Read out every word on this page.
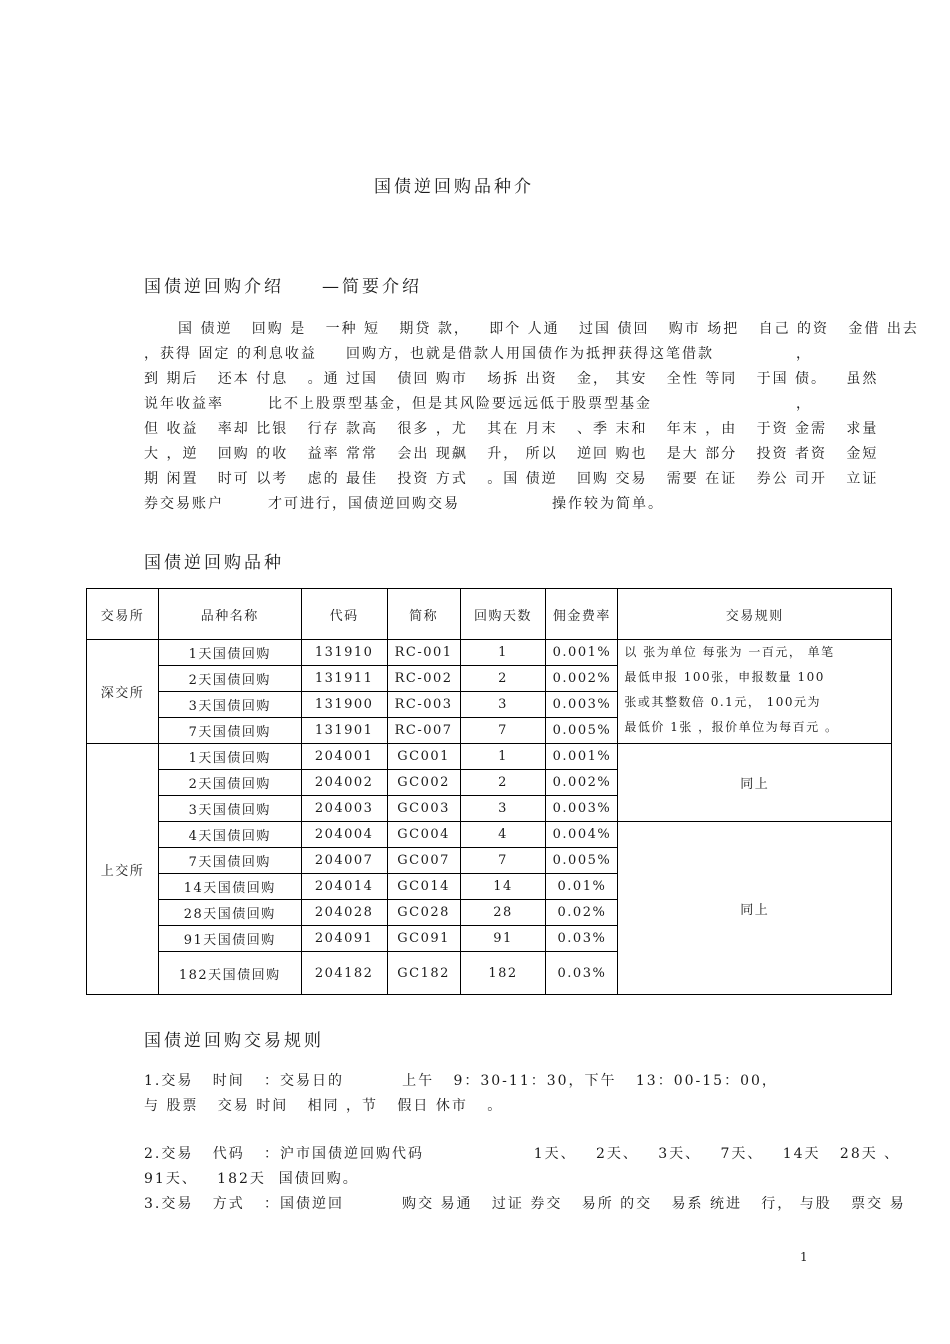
国债逆回购品种介
国债逆回购介绍 —简要介绍
国 债逆   回购 是   一种 短   期贷 款，   即个 人通   过国 债回   购市 场把   自己 的资   金借 出去
，获得 固定 的利息收益 回购方，也就是借款人用国债作为抵押获得这笔借款	，
到 期后   还本 付息   。通 过国   债回 购市   场拆 出资   金， 其安   全性 等同   于国 债。   虽然
说年收益率	比不上股票型基金，但是其风险要远远低于股票型基金	，
但 收益   率却 比银   行存 款高   很多 ，尤   其在 月末   、季 末和   年末 ，由   于资 金需   求量
大 ，逆   回购 的收   益率 常常   会出 现飙   升， 所以   逆回 购也   是大 部分   投资 者资   金短
期 闲置   时可 以考   虑的 最佳   投资 方式   。国 债逆   回购 交易   需要 在证   券公 司开   立证
券交易账户	才可进行，国债逆回购交易	操作较为简单。
国债逆回购品种
交易所	品种名称	代码	简称	回购天数	佣金费率	交易规则
深交所	1天国债回购	131910	RC-001	1	0.001%	以 张为单位 每张为 一百元， 单笔
最低申报 100张，申报数量 100
张或其整数倍 0.1元， 100元为
最低价 1张 ，报价单位为每百元 。

	2天国债回购	131911	RC-002	2	0.002%	
	3天国债回购	131900	RC-003	3	0.003%	
	7天国债回购	131901	RC-007	7	0.005%	
上交所	1天国债回购	204001	GC001	1	0.001%	同上
	2天国债回购	204002	GC002	2	0.002%	
	3天国债回购	204003	GC003	3	0.003%	
	4天国债回购	204004	GC004	4	0.004%	同上
	7天国债回购	204007	GC007	7	0.005%	
	14天国债回购	204014	GC014	14	0.01%	
	28天国债回购	204028	GC028	28	0.02%	
	91天国债回购	204091	GC091	91	0.03%	
	182天国债回购	204182	GC182	182	0.03%	
国债逆回购交易规则
1.交易   时间   ：交易日的         上午   9：30-11：30，下午   13：00-15：00，
与 股票   交易 时间   相同 ，节   假日 休市   。
2.交易   代码   ：沪市国债逆回购代码                 1天、   2天、   3天、   7天、   14天   28天 、
91天、   182天  国债回购。
3.交易   方式   ：国债逆回         购交 易通   过证 券交   易所 的交   易系 统进   行， 与股   票交 易
1
